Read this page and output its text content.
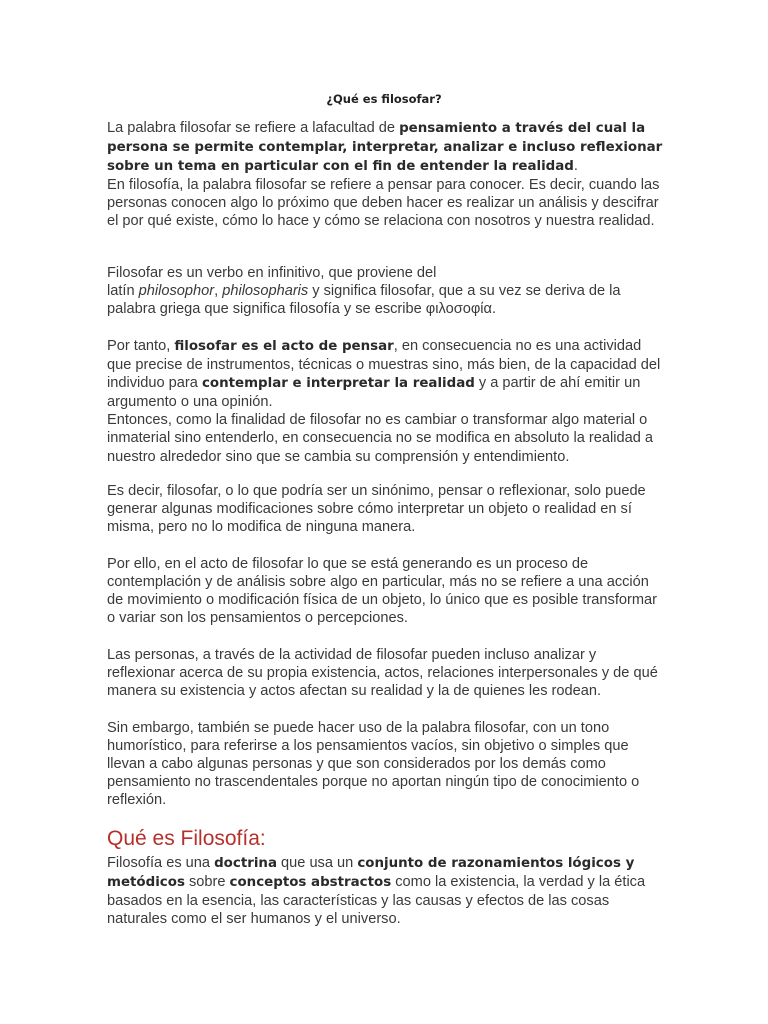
¿Qué es filosofar?

La palabra filosofar se refiere a lafacultad de pensamiento a través del cual la persona se permite contemplar, interpretar, analizar e incluso reflexionar sobre un tema en particular con el fin de entender la realidad.
En filosofía, la palabra filosofar se refiere a pensar para conocer. Es decir, cuando las personas conocen algo lo próximo que deben hacer es realizar un análisis y descifrar el por qué existe, cómo lo hace y cómo se relaciona con nosotros y nuestra realidad.

Filosofar es un verbo en infinitivo, que proviene del
latín philosophor, philosopharis y significa filosofar, que a su vez se deriva de la palabra griega que significa filosofía y se escribe φιλοσοφία.

Por tanto, filosofar es el acto de pensar, en consecuencia no es una actividad que precise de instrumentos, técnicas o muestras sino, más bien, de la capacidad del individuo para contemplar e interpretar la realidad y a partir de ahí emitir un argumento o una opinión.
Entonces, como la finalidad de filosofar no es cambiar o transformar algo material o inmaterial sino entenderlo, en consecuencia no se modifica en absoluto la realidad a nuestro alrededor sino que se cambia su comprensión y entendimiento.

Es decir, filosofar, o lo que podría ser un sinónimo, pensar o reflexionar, solo puede generar algunas modificaciones sobre cómo interpretar un objeto o realidad en sí misma, pero no lo modifica de ninguna manera.

Por ello, en el acto de filosofar lo que se está generando es un proceso de contemplación y de análisis sobre algo en particular, más no se refiere a una acción de movimiento o modificación física de un objeto, lo único que es posible transformar o variar son los pensamientos o percepciones.

Las personas, a través de la actividad de filosofar pueden incluso analizar y reflexionar acerca de su propia existencia, actos, relaciones interpersonales y de qué manera su existencia y actos afectan su realidad y la de quienes les rodean.

Sin embargo, también se puede hacer uso de la palabra filosofar, con un tono humorístico, para referirse a los pensamientos vacíos, sin objetivo o simples que llevan a cabo algunas personas y que son considerados por los demás como pensamiento no trascendentales porque no aportan ningún tipo de conocimiento o reflexión.

Qué es Filosofía:

Filosofía es una doctrina que usa un conjunto de razonamientos lógicos y metódicos sobre conceptos abstractos como la existencia, la verdad y la ética basados en la esencia, las características y las causas y efectos de las cosas naturales como el ser humanos y el universo.
